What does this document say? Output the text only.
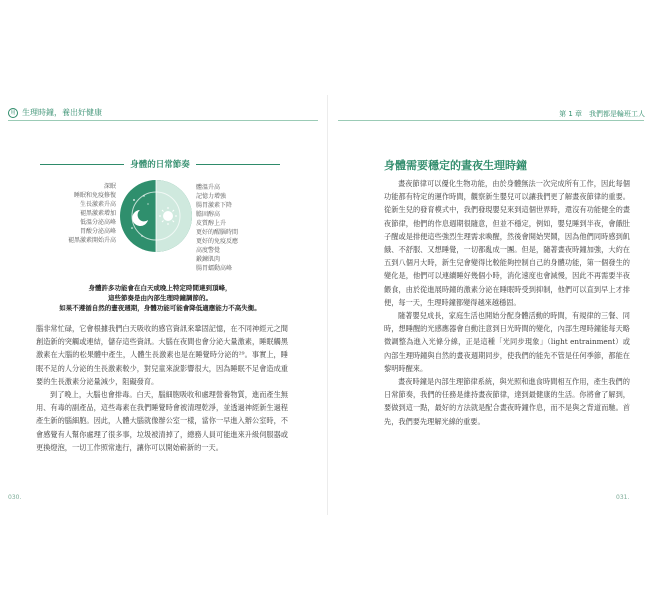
用 生理時鐘，養出好健康
身體的日常節奏
深眠
睡眠和免疫修復
生長激素升高
褪黑激素增加
低溫分泌高峰
胃酸分泌高峰
褪黑激素開始升高
體溫升高
記憶力增強
腸胃激素下降
膽固醇高
皮質醇上升
更好的醒腦時間
更好的免疫反應
高度警覺
鍛鍊肌肉
腸胃蠕動高峰
身體許多功能會在白天或晚上特定時間達到頂峰，
這些節奏是由內部生理時鐘調節的。
如果不遵循自然的晝夜週期，身體功能可能會降低適應能力不高失衡。

腦非常忙碌，它會根據我們白天吸收的感官資訊來鞏固記憶，在不同神經元之間創造新的突觸或連結，儲存這些資訊。大腦在夜間也會分泌大量激素，睡眠觸黑激素在大腦的松果體中產生，人體生長激素也是在睡覺時分泌的²⁹。事實上，睡眠不足的人分泌的生長激素較少，對兒童來說影響很大，因為睡眠不足會造成重要的生長激素分泌量減少，阻礙發育。

到了晚上，大腦也會排毒。白天，腦細胞吸收和處理營養物質，進而產生無用、有毒的副產品，這些毒素在我們睡覺時會被清理乾淨，並透過神經新生過程產生新的腦細胞。因此，人體大腦就像辦公室一樣，當你一早進入辦公室時，不會感覺有人幫你處理了很多事，垃圾被清掉了，總務人員可能進來升級伺服器或更換燈泡，一切工作照常進行，讓你可以開始嶄新的一天。

030.
第 1 章　我們都是輪班工人
031.
身體需要穩定的晝夜生理時鐘

晝夜節律可以優化生物功能，由於身體無法一次完成所有工作，因此每個功能都有特定的運作時間，觀察新生嬰兒可以讓我們更了解晝夜節律的重要。從新生兒的發育模式中，我們發現嬰兒來到這個世界時，還沒有功能健全的晝夜節律，他們的作息週期很隨意，但並不穩定，例如，嬰兒睡到半夜，會餓肚子醒或是排便這些強烈生理需求喚醒，然後會開始哭鬧，因為他們同時感到飢餓、不舒服、又想睡覺，一切都亂成一團。但是，隨著晝夜時鐘加強，大約在五到八個月大時，新生兒會變得比較能夠控制自己的身體功能，第一個發生的變化是，他們可以連續睡好幾個小時，消化速度也會減慢，因此不再需要半夜餵食，由於從進展時鐘的激素分泌在睡眠時受到抑制，他們可以直到早上才排便，每一天，生理時鐘都變得越來越穩固。

隨著嬰兒成長，家庭生活也開始分配身體活動的時間，有規律的三餐、同時，想睡醒的光感應器會自動注意到日光時間的變化，內部生理時鐘能每天略微調整為進入光條分線，正是這種「光同步現象」（light entrainment）或內部生理時鐘與自然的晝夜週期同步，使我們的能先不管是任何季節，都能在黎明時醒來。

晝夜時鐘是內部生理節律系統，與光照和進食時間相互作用，產生我們的日常節奏，我們的任務是維持晝夜節律，達到最健康的生活。你將會了解到，要做到這一點，最好的方法就是配合晝夜時鐘作息，而不是與之背道而馳。首先，我們要先理解光線的重要。
